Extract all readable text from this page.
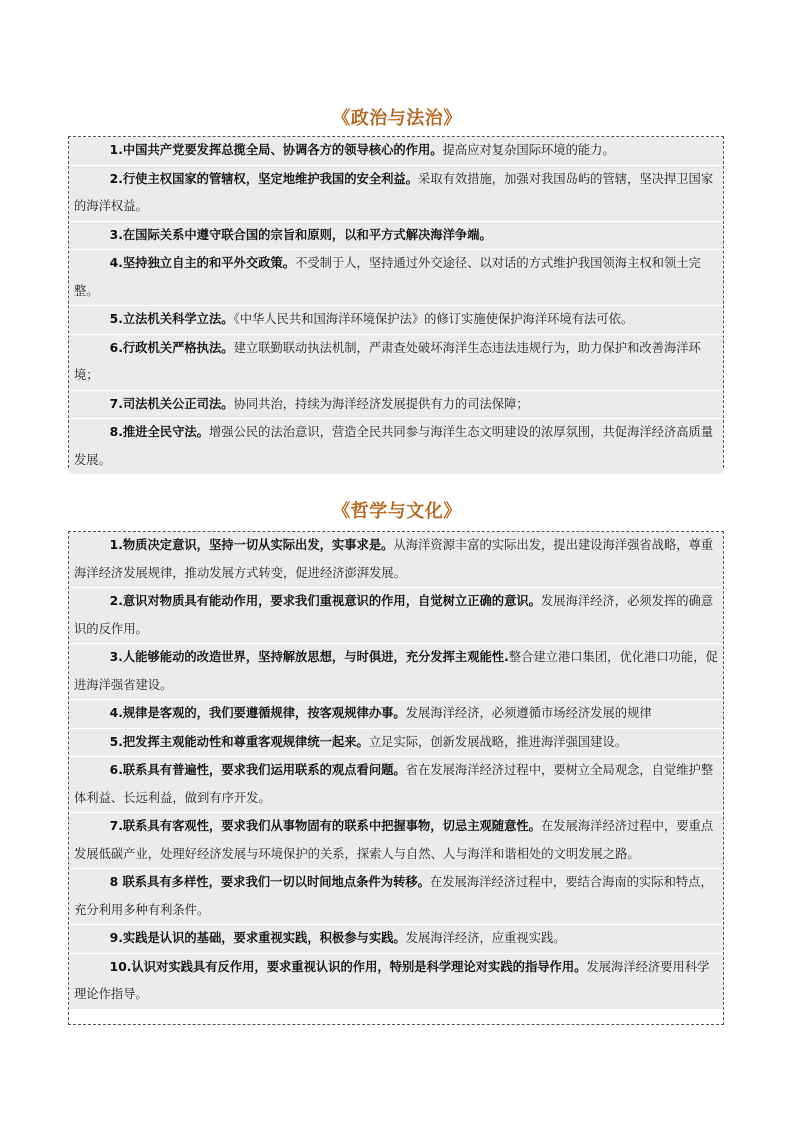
《政治与法治》
1.中国共产党要发挥总揽全局、协调各方的领导核心的作用。提高应对复杂国际环境的能力。
2.行使主权国家的管辖权，坚定地维护我国的安全利益。采取有效措施，加强对我国岛屿的管辖，坚决捍卫国家的海洋权益。
3.在国际关系中遵守联合国的宗旨和原则，以和平方式解决海洋争端。
4.坚持独立自主的和平外交政策。不受制于人，坚持通过外交途径、以对话的方式维护我国领海主权和领土完整。
5.立法机关科学立法。《中华人民共和国海洋环境保护法》的修订实施使保护海洋环境有法可依。
6.行政机关严格执法。建立联勤联动执法机制，严肃查处破坏海洋生态违法违规行为，助力保护和改善海洋环境；
7.司法机关公正司法。协同共治，持续为海洋经济发展提供有力的司法保障；
8.推进全民守法。增强公民的法治意识，营造全民共同参与海洋生态文明建设的浓厚氛围，共促海洋经济高质量发展。
《哲学与文化》
1.物质决定意识，坚持一切从实际出发，实事求是。从海洋资源丰富的实际出发，提出建设海洋强省战略，尊重海洋经济发展规律，推动发展方式转变，促进经济澎湃发展。
2.意识对物质具有能动作用，要求我们重视意识的作用，自觉树立正确的意识。发展海洋经济，必须发挥的确意识的反作用。
3.人能够能动的改造世界，坚持解放思想，与时俱进，充分发挥主观能性.整合建立港口集团，优化港口功能，促进海洋强省建设。
4.规律是客观的，我们要遵循规律，按客观规律办事。发展海洋经济，必须遵循市场经济发展的规律
5.把发挥主观能动性和尊重客观规律统一起来。立足实际，创新发展战略，推进海洋强国建设。
6.联系具有普遍性，要求我们运用联系的观点看问题。省在发展海洋经济过程中，要树立全局观念，自觉维护整体利益、长远利益，做到有序开发。
7.联系具有客观性，要求我们从事物固有的联系中把握事物，切忌主观随意性。在发展海洋经济过程中，要重点发展低碳产业，处理好经济发展与环境保护的关系，探索人与自然、人与海洋和谐相处的文明发展之路。
8 联系具有多样性，要求我们一切以时间地点条件为转移。在发展海洋经济过程中，要结合海南的实际和特点，充分利用多种有利条件。
9.实践是认识的基础，要求重视实践，积极参与实践。发展海洋经济，应重视实践。
10.认识对实践具有反作用，要求重视认识的作用，特别是科学理论对实践的指导作用。发展海洋经济要用科学理论作指导。
